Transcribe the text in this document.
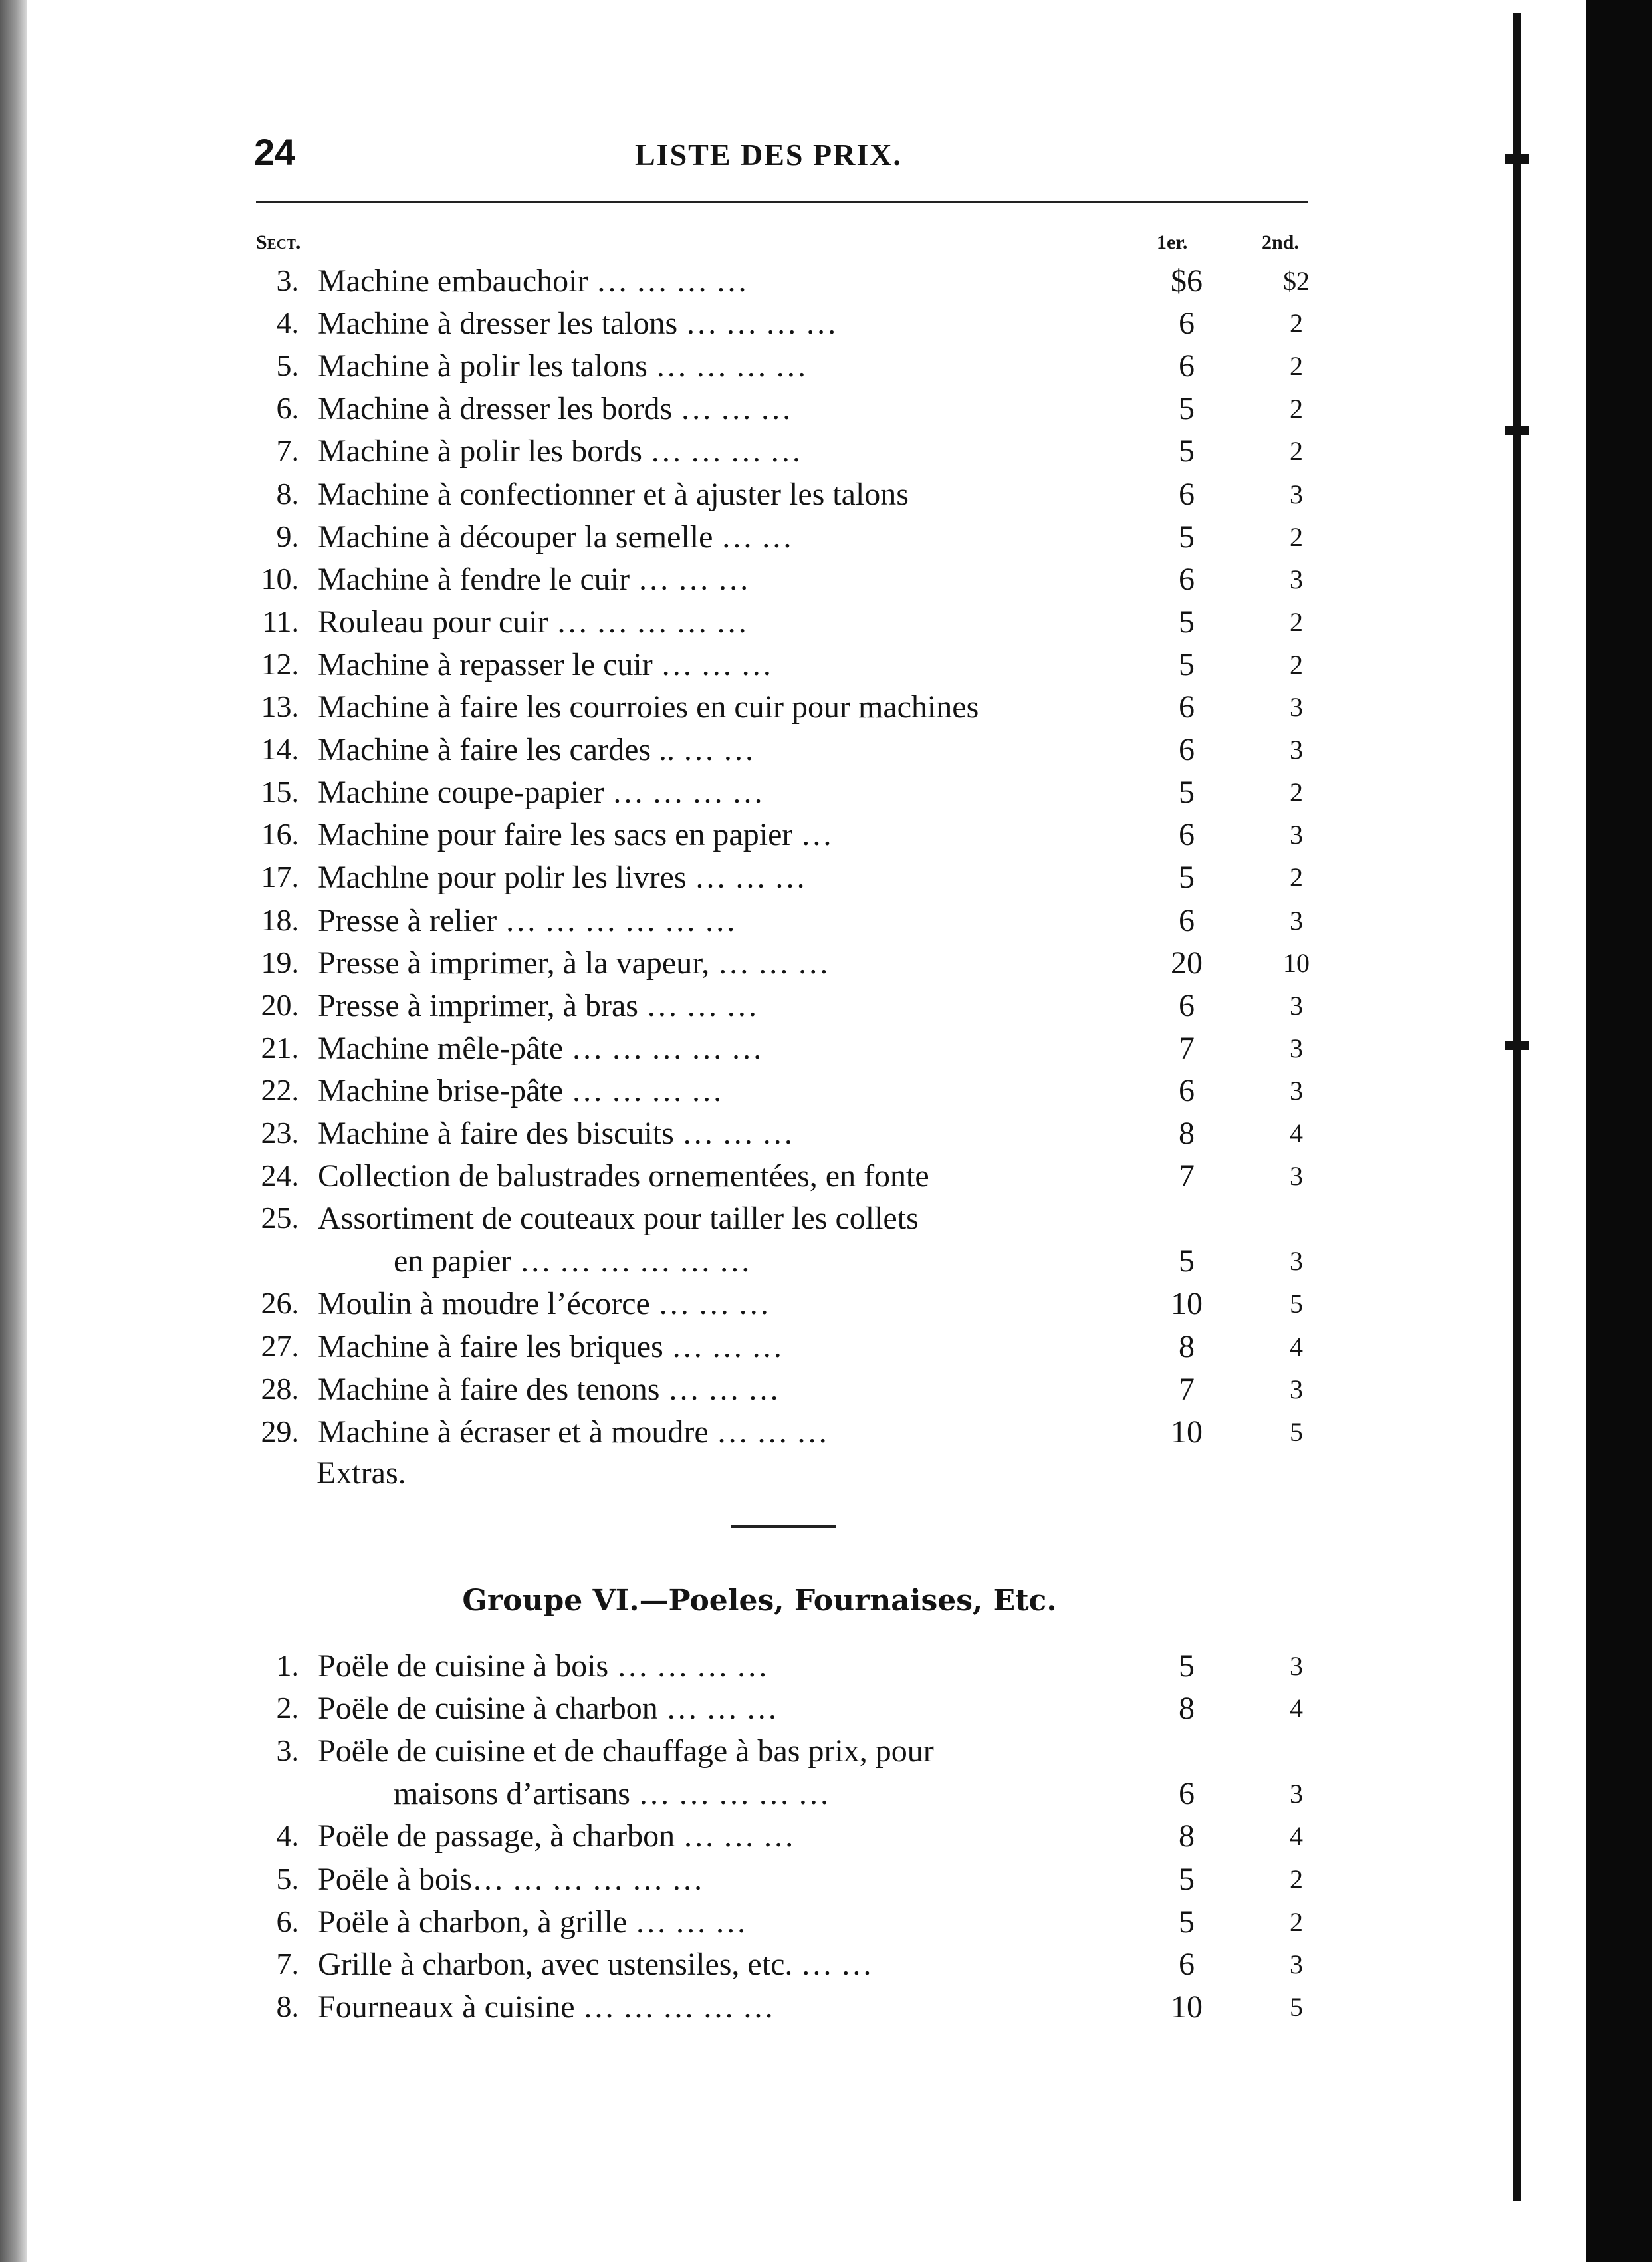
24	LISTE DES PRIX.
Sect.	1er.	2nd.
3. Machine embauchoir … … … …	$6	$2
4. Machine à dresser les talons … … … …	6	2
5. Machine à polir les talons … … … …	6	2
6. Machine à dresser les bords … … …	5	2
7. Machine à polir les bords … … … …	5	2
8. Machine à confectionner et à ajuster les talons	6	3
9. Machine à découper la semelle … …	5	2
10. Machine à fendre le cuir … … …	6	3
11. Rouleau pour cuir … … … … …	5	2
12. Machine à repasser le cuir … … …	5	2
13. Machine à faire les courroies en cuir pour machines	6	3
14. Machine à faire les cardes .. … …	6	3
15. Machine coupe-papier … … … …	5	2
16. Machine pour faire les sacs en papier …	6	3
17. Machlne pour polir les livres … … …	5	2
18. Presse à relier … … … … … …	6	3
19. Presse à imprimer, à la vapeur, … … …	20	10
20. Presse à imprimer, à bras … … …	6	3
21. Machine mêle-pâte … … … … …	7	3
22. Machine brise-pâte … … … …	6	3
23. Machine à faire des biscuits … … …	8	4
24. Collection de balustrades ornementées, en fonte	7	3
25. Assortiment de couteaux pour tailler les collets
en papier … … … … … …	5	3
26. Moulin à moudre l’écorce … … …	10	5
27. Machine à faire les briques … … …	8	4
28. Machine à faire des tenons … … …	7	3
29. Machine à écraser et à moudre … … …	10	5
Extras.
Groupe VI.—Poeles, Fournaises, Etc.
1. Poële de cuisine à bois … … … …	5	3
2. Poële de cuisine à charbon … … …	8	4
3. Poële de cuisine et de chauffage à bas prix, pour
maisons d’artisans … … … … …	6	3
4. Poële de passage, à charbon … … …	8	4
5. Poële à bois… … … … … …	5	2
6. Poële à charbon, à grille … … …	5	2
7. Grille à charbon, avec ustensiles, etc. … …	6	3
8. Fourneaux à cuisine … … … … …	10	5
